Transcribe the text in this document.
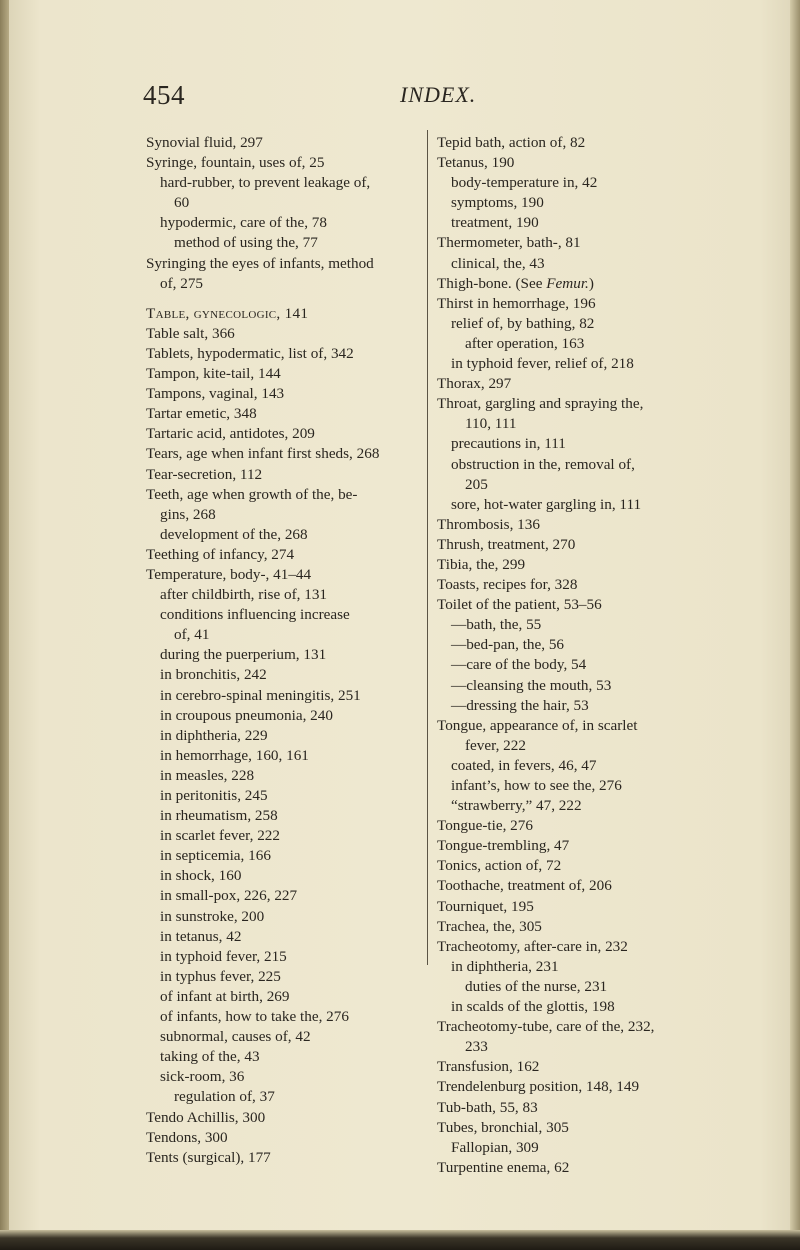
454	INDEX.
Synovial fluid, 297
Syringe, fountain, uses of, 25
hard-rubber, to prevent leakage of,
60
hypodermic, care of the, 78
method of using the, 77
Syringing the eyes of infants, method
of, 275
Table, gynecologic, 141
Table salt, 366
Tablets, hypodermatic, list of, 342
Tampon, kite-tail, 144
Tampons, vaginal, 143
Tartar emetic, 348
Tartaric acid, antidotes, 209
Tears, age when infant first sheds, 268
Tear-secretion, 112
Teeth, age when growth of the, be-
gins, 268
development of the, 268
Teething of infancy, 274
Temperature, body-, 41–44
after childbirth, rise of, 131
conditions influencing increase
of, 41
during the puerperium, 131
in bronchitis, 242
in cerebro-spinal meningitis, 251
in croupous pneumonia, 240
in diphtheria, 229
in hemorrhage, 160, 161
in measles, 228
in peritonitis, 245
in rheumatism, 258
in scarlet fever, 222
in septicemia, 166
in shock, 160
in small-pox, 226, 227
in sunstroke, 200
in tetanus, 42
in typhoid fever, 215
in typhus fever, 225
of infant at birth, 269
of infants, how to take the, 276
subnormal, causes of, 42
taking of the, 43
sick-room, 36
regulation of, 37
Tendo Achillis, 300
Tendons, 300
Tents (surgical), 177
Tepid bath, action of, 82
Tetanus, 190
body-temperature in, 42
symptoms, 190
treatment, 190
Thermometer, bath-, 81
clinical, the, 43
Thigh-bone. (See Femur.)
Thirst in hemorrhage, 196
relief of, by bathing, 82
after operation, 163
in typhoid fever, relief of, 218
Thorax, 297
Throat, gargling and spraying the,
110, 111
precautions in, 111
obstruction in the, removal of,
205
sore, hot-water gargling in, 111
Thrombosis, 136
Thrush, treatment, 270
Tibia, the, 299
Toasts, recipes for, 328
Toilet of the patient, 53–56
—bath, the, 55
—bed-pan, the, 56
—care of the body, 54
—cleansing the mouth, 53
—dressing the hair, 53
Tongue, appearance of, in scarlet
fever, 222
coated, in fevers, 46, 47
infant’s, how to see the, 276
“strawberry,” 47, 222
Tongue-tie, 276
Tongue-trembling, 47
Tonics, action of, 72
Toothache, treatment of, 206
Tourniquet, 195
Trachea, the, 305
Tracheotomy, after-care in, 232
in diphtheria, 231
duties of the nurse, 231
in scalds of the glottis, 198
Tracheotomy-tube, care of the, 232,
233
Transfusion, 162
Trendelenburg position, 148, 149
Tub-bath, 55, 83
Tubes, bronchial, 305
Fallopian, 309
Turpentine enema, 62
